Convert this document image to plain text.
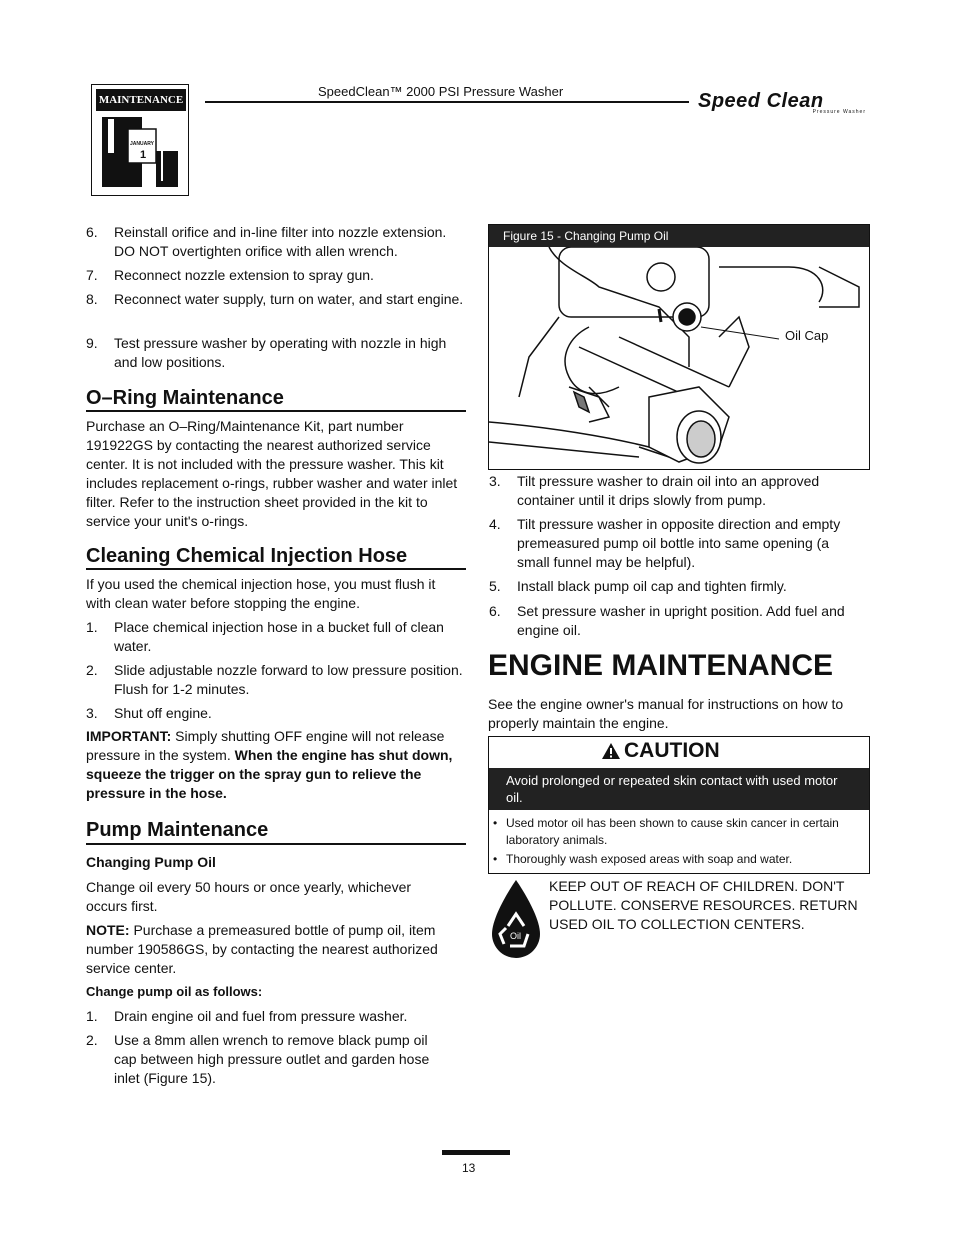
MAINTENANCE
JANUARY
1
SpeedClean™ 2000 PSI Pressure Washer	Speed Clean
Pressure Washer
6. Reinstall orifice and in-line filter into nozzle extension. DO NOT overtighten orifice with allen wrench.
7. Reconnect nozzle extension to spray gun.
8. Reconnect water supply, turn on water, and start engine.
9. Test pressure washer by operating with nozzle in high and low positions.
O–Ring Maintenance

Purchase an O–Ring/Maintenance Kit, part number 191922GS by contacting the nearest authorized service center. It is not included with the pressure washer. This kit includes replacement o-rings, rubber washer and water inlet filter. Refer to the instruction sheet provided in the kit to service your unit's o-rings.

Cleaning Chemical Injection Hose

If you used the chemical injection hose, you must flush it with clean water before stopping the engine.

1. Place chemical injection hose in a bucket full of clean water.
2. Slide adjustable nozzle forward to low pressure position. Flush for 1-2 minutes.
3. Shut off engine.

IMPORTANT: Simply shutting OFF engine will not release pressure in the system. When the engine has shut down, squeeze the trigger on the spray gun to relieve the pressure in the hose.

Pump Maintenance

Changing Pump Oil

Change oil every 50 hours or once yearly, whichever occurs first.

NOTE: Purchase a premeasured bottle of pump oil, item number 190586GS, by contacting the nearest authorized service center.

Change pump oil as follows:

1. Drain engine oil and fuel from pressure washer.
2. Use a 8mm allen wrench to remove black pump oil cap between high pressure outlet and garden hose inlet (Figure 15).
Figure 15 - Changing Pump Oil
Oil Cap
3. Tilt pressure washer to drain oil into an approved container until it drips slowly from pump.
4. Tilt pressure washer in opposite direction and empty premeasured pump oil bottle into same opening (a small funnel may be helpful).
5. Install black pump oil cap and tighten firmly.
6. Set pressure washer in upright position. Add fuel and engine oil.
ENGINE MAINTENANCE

See the engine owner's manual for instructions on how to properly maintain the engine.

CAUTION
Avoid prolonged or repeated skin contact with used motor oil.
• Used motor oil has been shown to cause skin cancer in certain laboratory animals.
• Thoroughly wash exposed areas with soap and water.
Oil

KEEP OUT OF REACH OF CHILDREN. DON'T POLLUTE. CONSERVE RESOURCES. RETURN USED OIL TO COLLECTION CENTERS.

13
